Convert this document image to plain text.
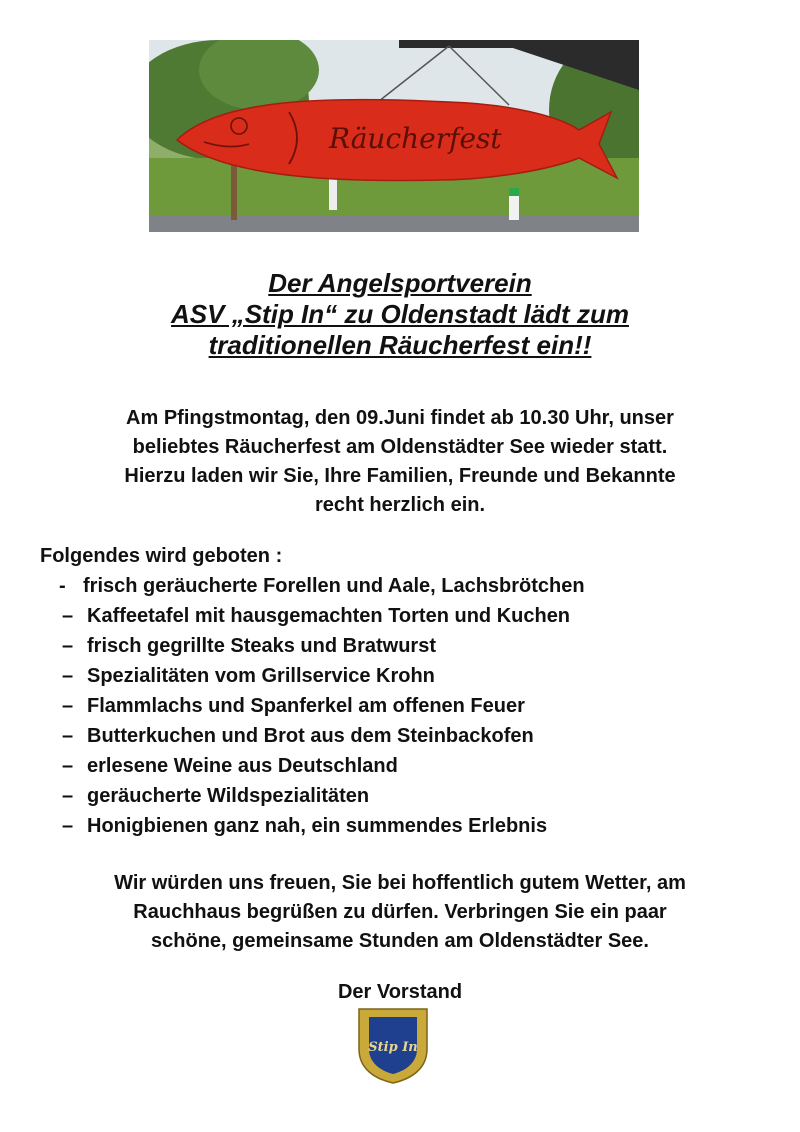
Räucherfest
Der Angelsportverein
ASV „Stip In“ zu Oldenstadt lädt zum
traditionellen Räucherfest ein!!
Am Pfingstmontag, den 09.Juni findet ab 10.30 Uhr, unser
beliebtes Räucherfest am Oldenstädter See wieder statt.
Hierzu laden wir Sie, Ihre Familien, Freunde und Bekannte
recht herzlich ein.
Folgendes wird geboten :
- frisch geräucherte Forellen und Aale, Lachsbrötchen
– Kaffeetafel mit hausgemachten Torten und Kuchen
– frisch gegrillte Steaks und Bratwurst
– Spezialitäten vom Grillservice Krohn
– Flammlachs und Spanferkel am offenen Feuer
– Butterkuchen und Brot aus dem Steinbackofen
– erlesene Weine aus Deutschland
– geräucherte Wildspezialitäten
– Honigbienen ganz nah, ein summendes Erlebnis
Wir würden uns freuen, Sie bei hoffentlich gutem Wetter, am
Rauchhaus begrüßen zu dürfen. Verbringen Sie ein paar
schöne, gemeinsame Stunden am Oldenstädter See.
Der Vorstand
Stip In
